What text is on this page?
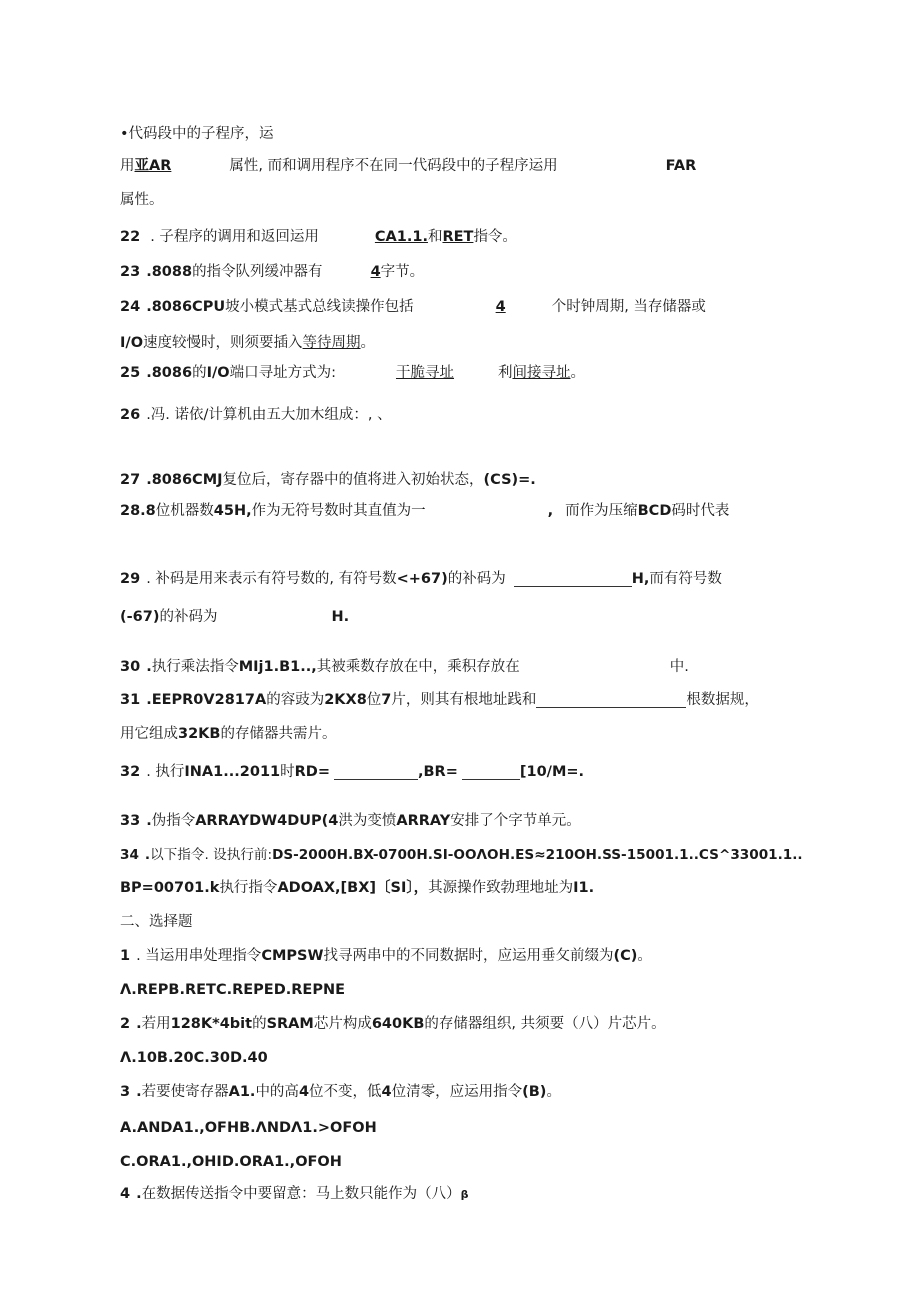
•代码段中的子程序，运
用亚AR	属性, 而和调用程序不在同一代码段中的子程序运用	FAR
属性。
22 . 子程序的调用和返回运用	CA1.1.和RET指令。
23 .8088的指令队列缓冲器有	4字节。
24 .8086CPU坡小模式基式总线读操作包括	4	个时钟周期, 当存储器或
I/O速度较慢时，则须要插入等待周期。
25 .8086的I/O端口寻址方式为:	干脆寻址	利间接寻址。
26 .冯. 诺依/计算机由五大加木组成：, 、
27 .8086CMJ复位后，寄存器中的值将进入初始状态，(CS)=.
28.8位机器数45H,作为无符号数时其直值为一	, 而作为压缩BCD码时代表
29 . 补码是用来表示有符号数的, 有符号数<+67)的补码为	H,而有符号数
(-67)的补码为	H.
30 .执行乘法指令MIj1.B1..,其被乘数存放在中，乘积存放在	中.
31 .EEPR0V2817A的容豉为2KX8位7片，则其有根地址践和	根数据规，
用它组成32KB的存储器共需片。
32 . 执行INA1...2011时RD=	,BR=	[10/M=.
33 .伪指令ARRAYDW4DUP(4洪为变愤ARRAY安排了个字节单元。
34 .以下指令. 设执行前:DS-2000H.BX-0700H.SI-OOΛOH.ES≈210OH.SS-15001.1..CS^33001.1..
BP=00701.k执行指令ADOAX,[BX]〔SI〕，其源操作致勃理地址为I1.
二、选择题
1 . 当运用串处理指令CMPSW找寻两串中的不同数据时，应运用垂攵前缀为(C)。
Λ.REPB.RETC.REPED.REPNE
2 .若用128K*4bit的SRAM芯片构成640KB的存储器组织, 共须要（八）片芯片。
Λ.10B.20C.30D.40
3 .若要使寄存器A1.中的高4位不变，低4位清零，应运用指令(B)。
A.ANDA1.,OFHB.ΛNDΛ1.>OFOH
C.ORA1.,OHID.ORA1.,OFOH
4 .在数据传送指令中要留意：马上数只能作为（八）β
